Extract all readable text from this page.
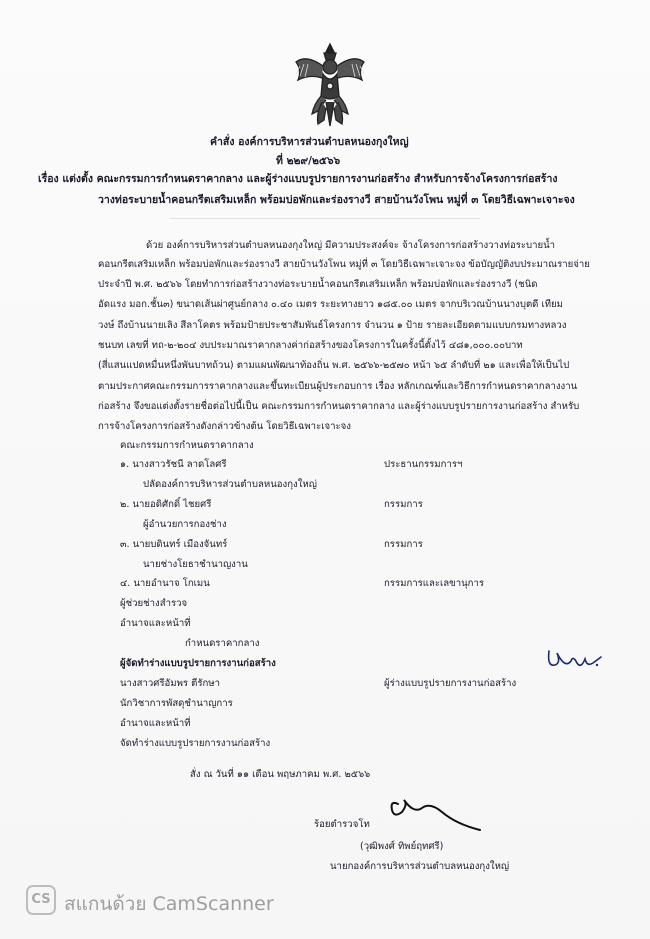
คำสั่ง องค์การบริหารส่วนตำบลหนองกุงใหญ่
ที่ ๒๒๙/๒๕๖๖
เรื่อง แต่งตั้ง คณะกรรมการกำหนดราคากลาง และผู้ร่างแบบรูปรายการงานก่อสร้าง สำหรับการจ้างโครงการก่อสร้าง
วางท่อระบายน้ำคอนกรีตเสริมเหล็ก พร้อมบ่อพักและร่องรางวี สายบ้านวังโพน หมู่ที่ ๓ โดยวิธีเฉพาะเจาะจง
ด้วย องค์การบริหารส่วนตำบลหนองกุงใหญ่ มีความประสงค์จะ จ้างโครงการก่อสร้างวางท่อระบายน้ำ
คอนกรีตเสริมเหล็ก พร้อมบ่อพักและร่องรางวี สายบ้านวังโพน หมู่ที่ ๓ โดยวิธีเฉพาะเจาะจง ข้อบัญญัติงบประมาณรายจ่าย
ประจำปี พ.ศ. ๒๕๖๖ โดยทำการก่อสร้างวางท่อระบายน้ำคอนกรีตเสริมเหล็ก พร้อมบ่อพักและร่องรางวี (ชนิด
อัดแรง มอก.ชั้น๓) ขนาดเส้นผ่าศูนย์กลาง ๐.๔๐ เมตร ระยะทางยาว ๑๘๕.๐๐ เมตร จากบริเวณบ้านนางบุตดี เทียม
วงษ์ ถึงบ้านนายเลิง สีลาโคตร พร้อมป้ายประชาสัมพันธ์โครงการ จำนวน ๑ ป้าย รายละเอียดตามแบบกรมทางหลวง
ชนบท เลขที่ ทถ-๒-๒๐๔ งบประมาณราคากลางค่าก่อสร้างของโครงการในครั้งนี้ตั้งไว้ ๔๘๑,๐๐๐.๐๐บาท
(สี่แสนแปดหมื่นหนึ่งพันบาทถ้วน) ตามแผนพัฒนาท้องถิ่น พ.ศ. ๒๕๖๖-๒๕๗๐ หน้า ๖๕ ลำดับที่ ๒๑ และเพื่อให้เป็นไป
ตามประกาศคณะกรรมการราคากลางและขึ้นทะเบียนผู้ประกอบการ เรื่อง หลักเกณฑ์และวิธีการกำหนดราคากลางงาน
ก่อสร้าง จึงขอแต่งตั้งรายชื่อต่อไปนี้เป็น คณะกรรมการกำหนดราคากลาง และผู้ร่างแบบรูปรายการงานก่อสร้าง สำหรับ
การจ้างโครงการก่อสร้างดังกล่าวข้างต้น โดยวิธีเฉพาะเจาะจง
คณะกรรมการกำหนดราคากลาง
๑. นางสาวรัชนี ลาดโลศรี	ประธานกรรมการฯ
ปลัดองค์การบริหารส่วนตำบลหนองกุงใหญ่
๒. นายอดิศักดิ์ ไชยศรี	กรรมการ
ผู้อำนวยการกองช่าง
๓. นายบดินทร์ เมืองจันทร์	กรรมการ
นายช่างโยธาชำนาญงาน
๔. นายอำนาจ โกเมน	กรรมการและเลขานุการ
ผู้ช่วยช่างสำรวจ
อำนาจและหน้าที่
กำหนดราคากลาง
ผู้จัดทำร่างแบบรูปรายการงานก่อสร้าง
นางสาวศรีอัมพร ตีรักษา	ผู้ร่างแบบรูปรายการงานก่อสร้าง
นักวิชาการพัสดุชำนาญการ
อำนาจและหน้าที่
จัดทำร่างแบบรูปรายการงานก่อสร้าง
สั่ง ณ วันที่ ๑๑ เดือน พฤษภาคม พ.ศ. ๒๕๖๖
ร้อยตำรวจโท
(วุฒิพงศ์ ทิพย์ฤทศรี)
นายกองค์การบริหารส่วนตำบลหนองกุงใหญ่
CS สแกนด้วย CamScanner
